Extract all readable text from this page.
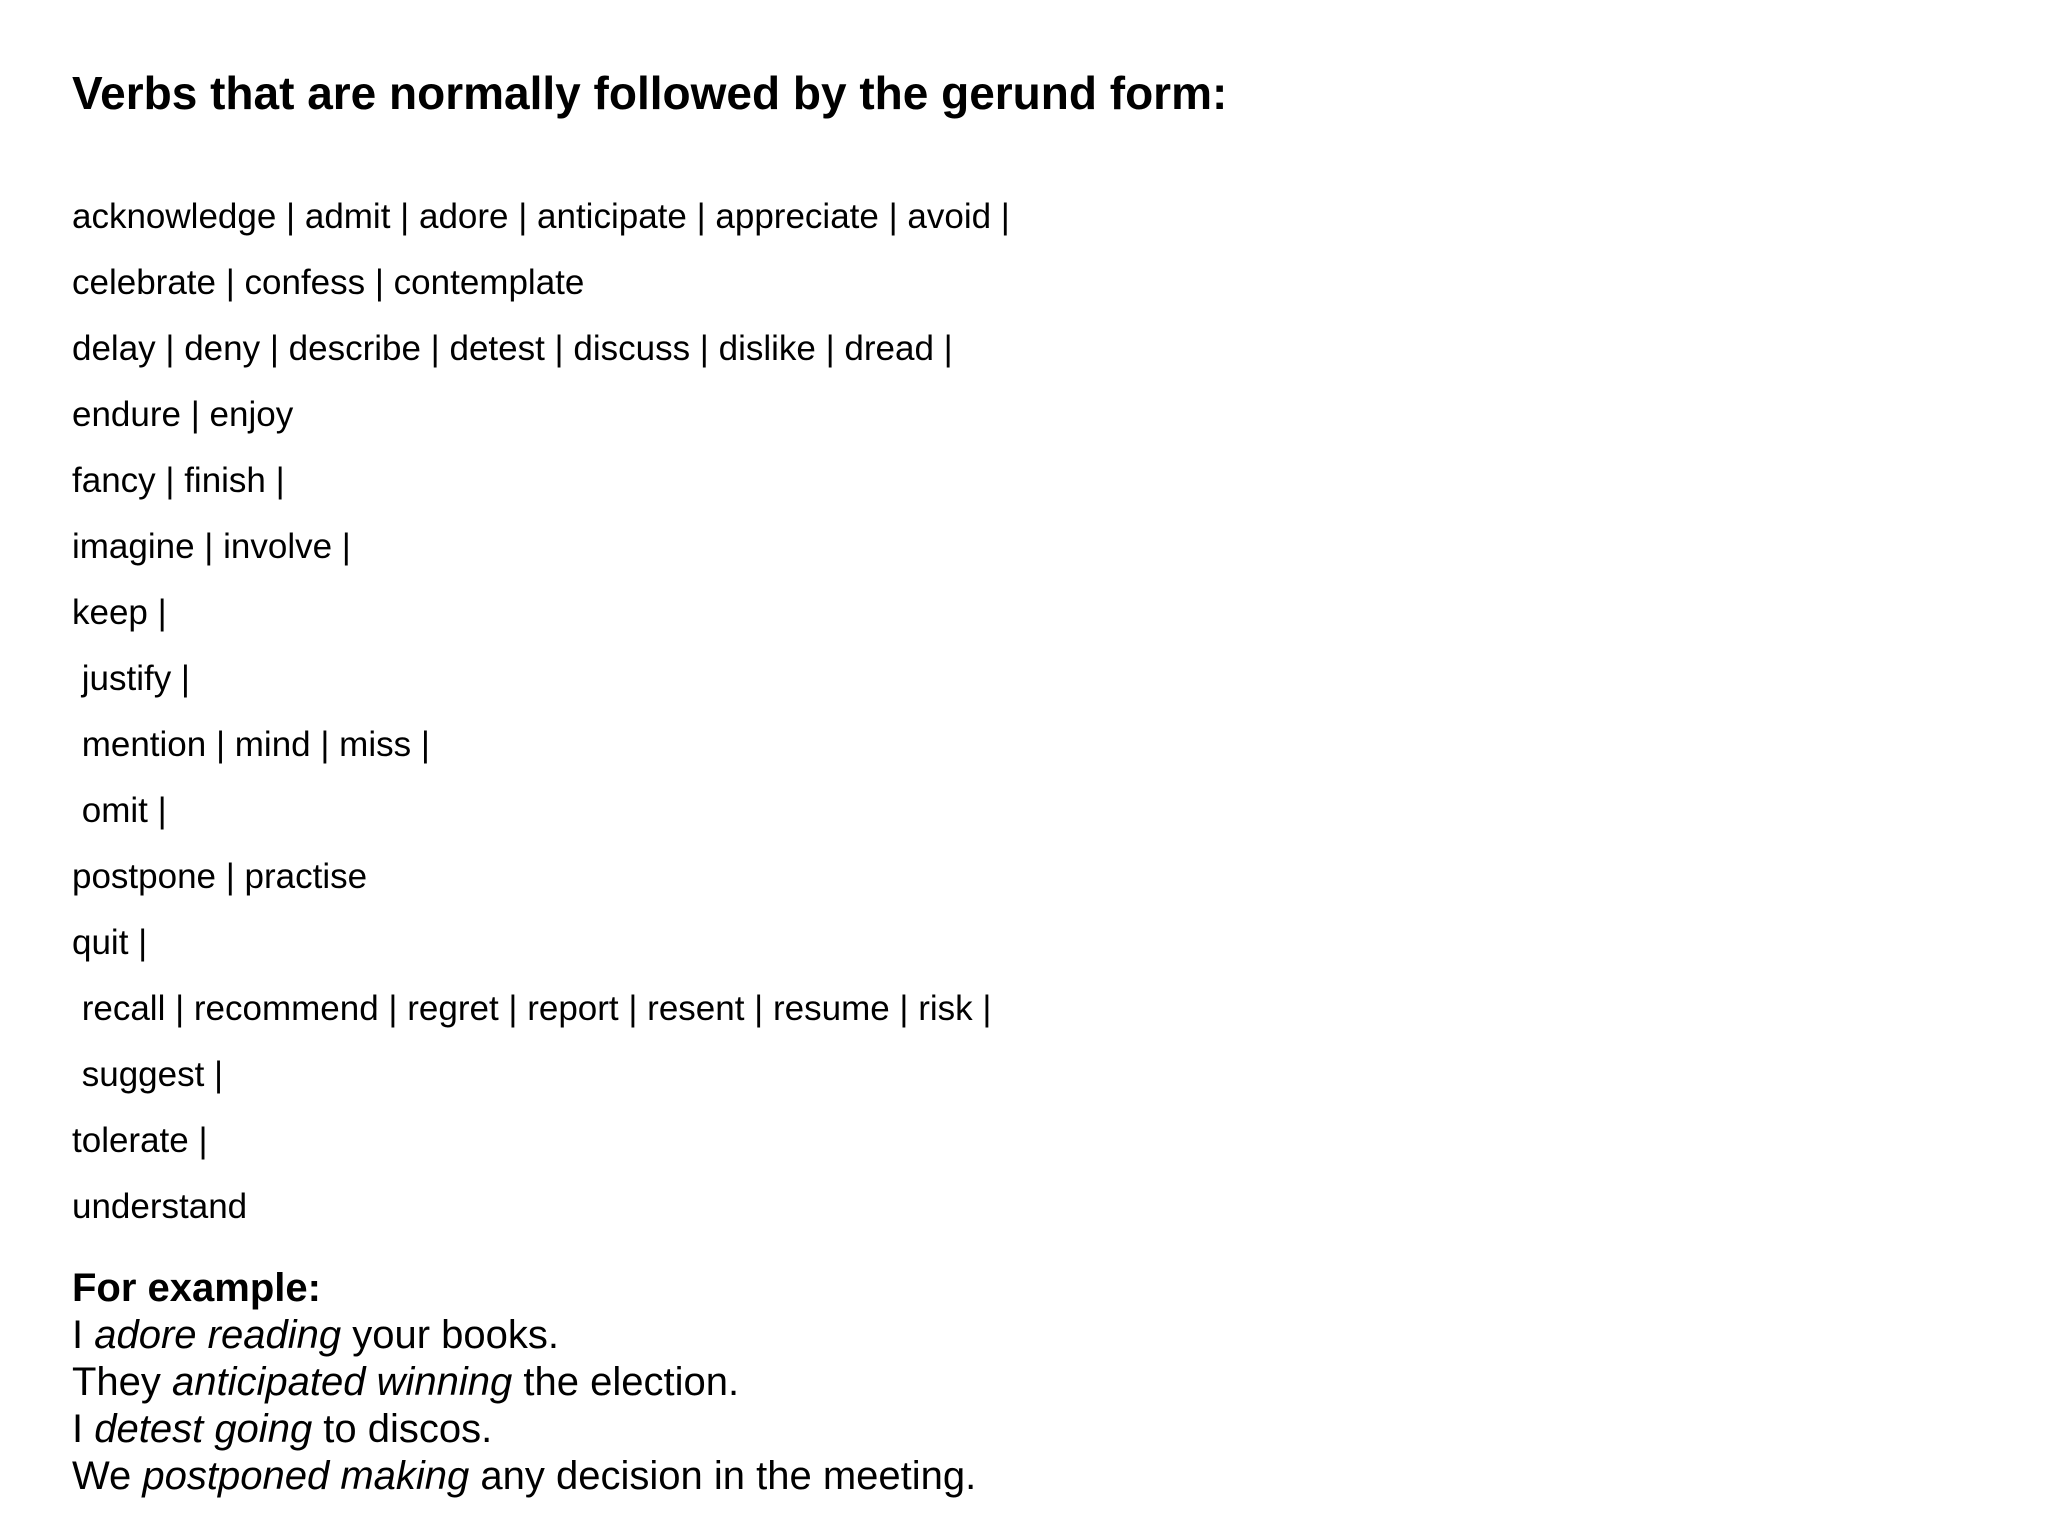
Verbs that are normally followed by the gerund form:
acknowledge | admit | adore | anticipate | appreciate | avoid |
celebrate | confess | contemplate
delay | deny | describe | detest | discuss | dislike | dread |
endure | enjoy
fancy | finish |
imagine | involve |
keep |
justify |
mention | mind | miss |
omit |
postpone | practise
quit |
recall | recommend | regret | report | resent | resume | risk |
suggest |
tolerate |
understand
For example:
I adore reading your books.
They anticipated winning the election.
I detest going to discos.
We postponed making any decision in the meeting.
